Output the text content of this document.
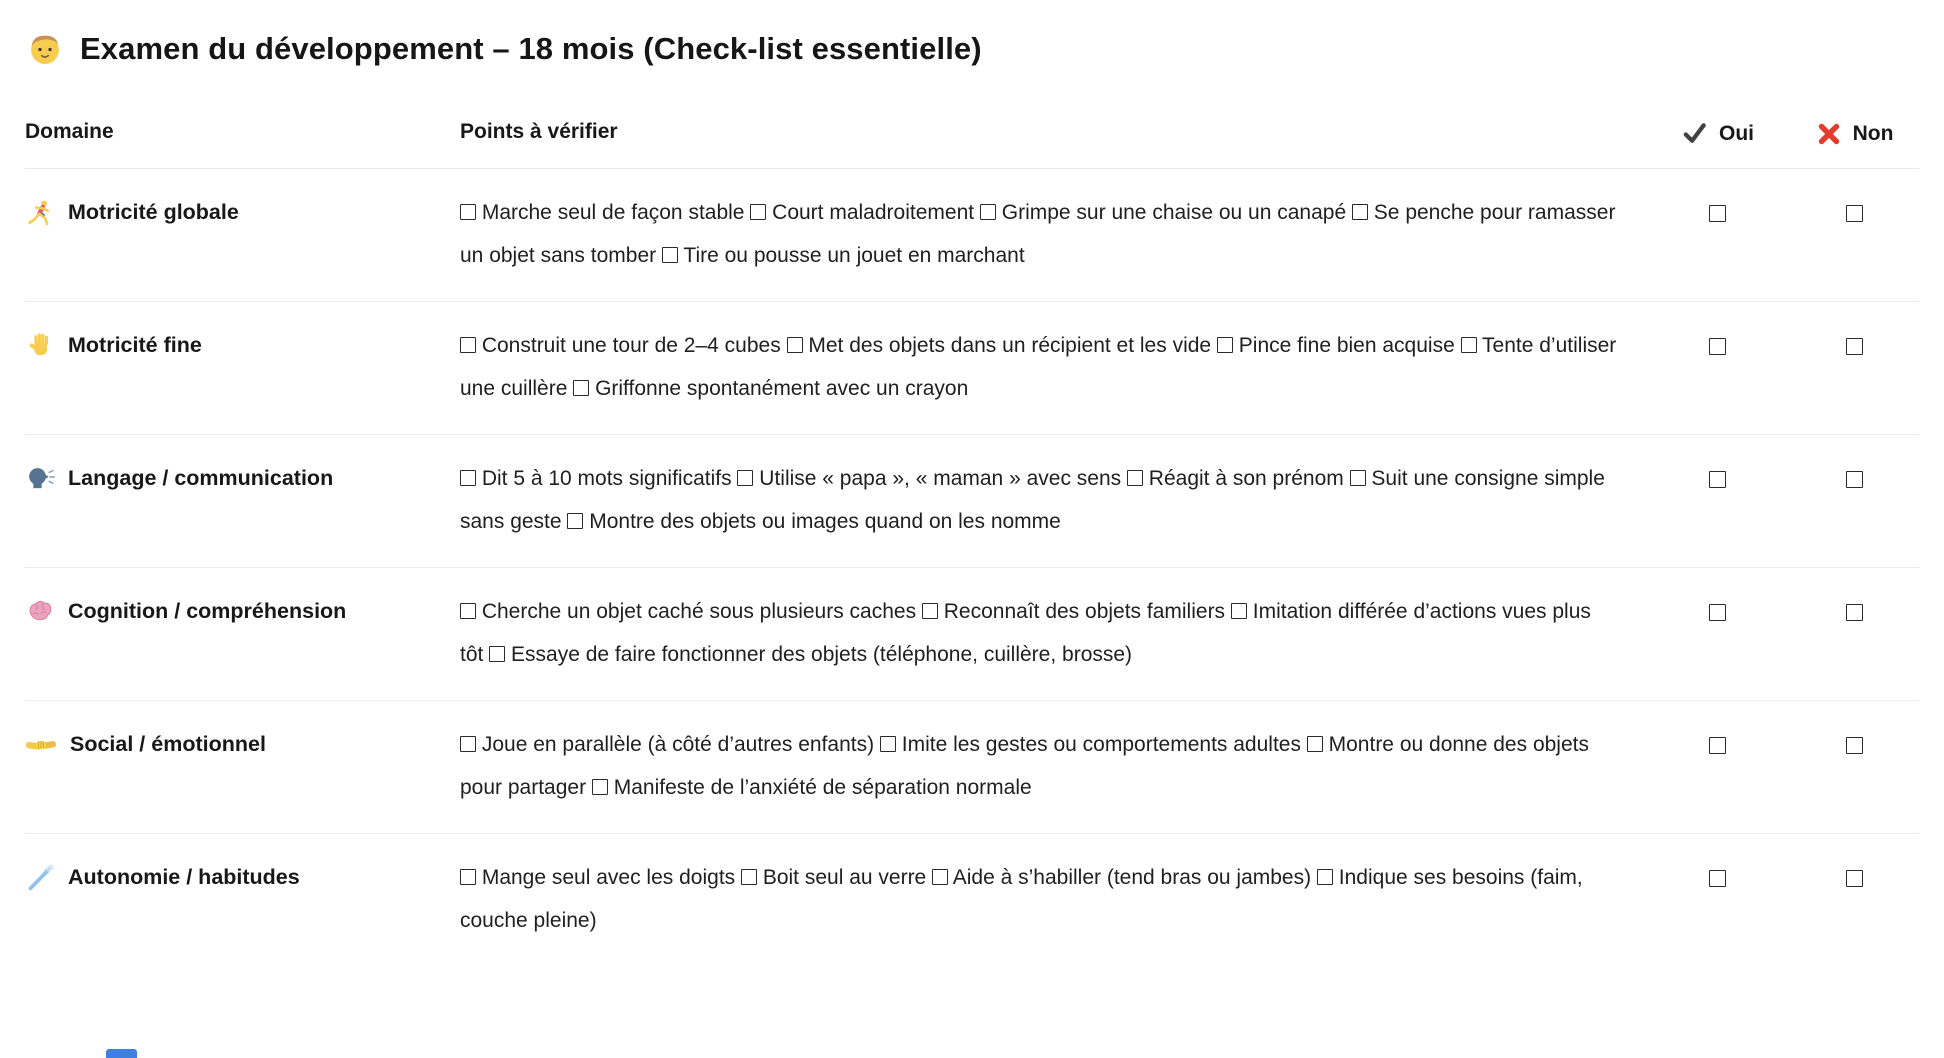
Examen du développement – 18 mois (Check-list essentielle)
Domaine	Points à vérifier	Oui	Non
Motricité globale	Marche seul de façon stable  Court maladroitement  Grimpe sur une chaise ou un canapé  Se penche pour ramasser un objet sans tomber  Tire ou pousse un jouet en marchant
Motricité fine	Construit une tour de 2–4 cubes  Met des objets dans un récipient et les vide  Pince fine bien acquise  Tente d’utiliser une cuillère  Griffonne spontanément avec un crayon
Langage / communication	Dit 5 à 10 mots significatifs  Utilise « papa », « maman » avec sens  Réagit à son prénom  Suit une consigne simple sans geste  Montre des objets ou images quand on les nomme
Cognition / compréhension	Cherche un objet caché sous plusieurs caches  Reconnaît des objets familiers  Imitation différée d’actions vues plus tôt  Essaye de faire fonctionner des objets (téléphone, cuillère, brosse)
Social / émotionnel	Joue en parallèle (à côté d’autres enfants)  Imite les gestes ou comportements adultes  Montre ou donne des objets pour partager  Manifeste de l’anxiété de séparation normale
Autonomie / habitudes	Mange seul avec les doigts  Boit seul au verre  Aide à s’habiller (tend bras ou jambes)  Indique ses besoins (faim, couche pleine)
